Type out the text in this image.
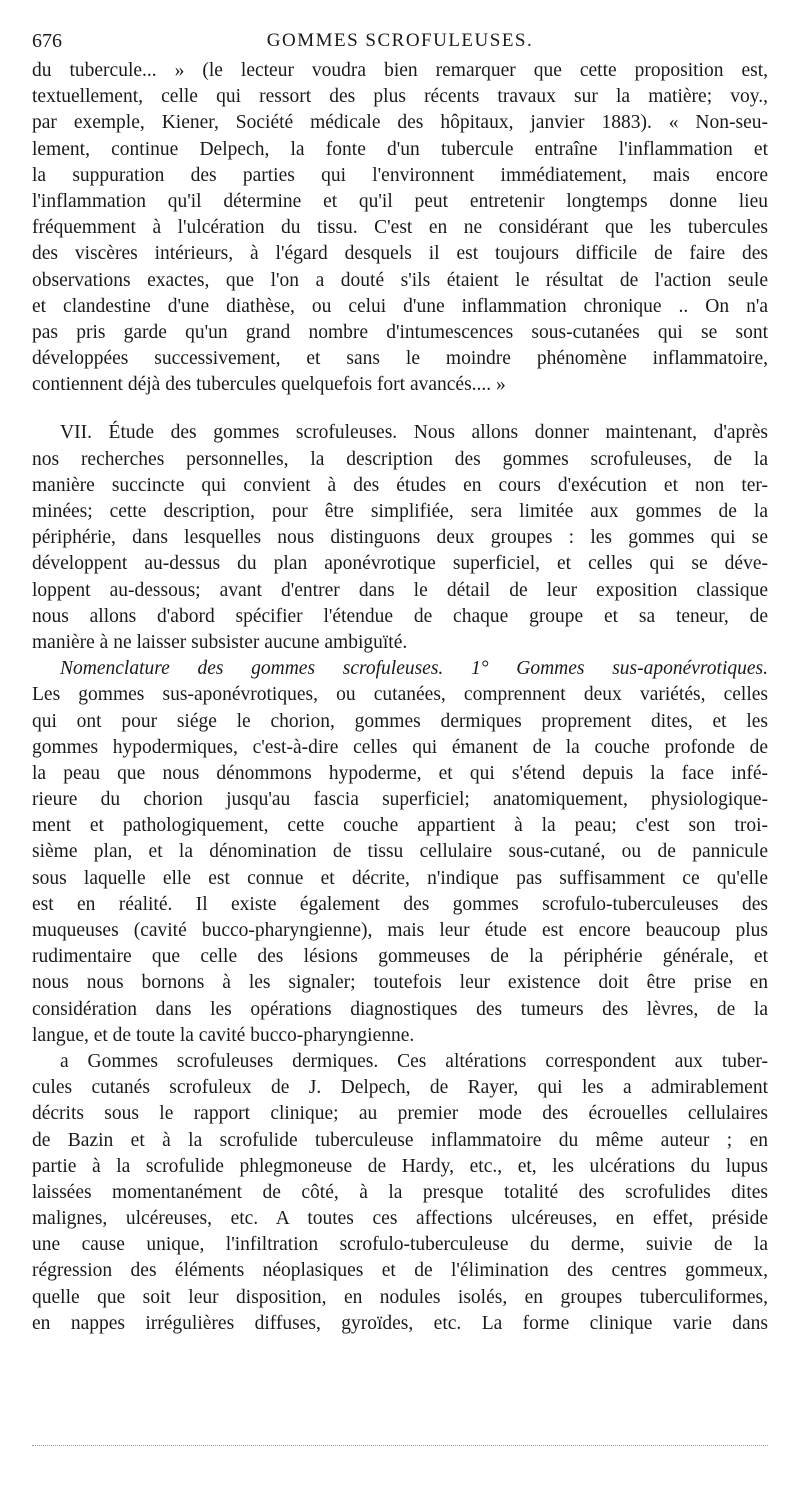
676	GOMMES SCROFULEUSES.
du tubercule... » (le lecteur voudra bien remarquer que cette proposition est,
textuellement, celle qui ressort des plus récents travaux sur la matière; voy.,
par exemple, Kiener, Société médicale des hôpitaux, janvier 1883). « Non-seu-
lement, continue Delpech, la fonte d'un tubercule entraîne l'inflammation et
la suppuration des parties qui l'environnent immédiatement, mais encore
l'inflammation qu'il détermine et qu'il peut entretenir longtemps donne lieu
fréquemment à l'ulcération du tissu. C'est en ne considérant que les tubercules
des viscères intérieurs, à l'égard desquels il est toujours difficile de faire des
observations exactes, que l'on a douté s'ils étaient le résultat de l'action seule
et clandestine d'une diathèse, ou celui d'une inflammation chronique .. On n'a
pas pris garde qu'un grand nombre d'intumescences sous-cutanées qui se sont
développées successivement, et sans le moindre phénomène inflammatoire,
contiennent déjà des tubercules quelquefois fort avancés.... »
VII. Étude des gommes scrofuleuses. Nous allons donner maintenant, d'après
nos recherches personnelles, la description des gommes scrofuleuses, de la
manière succincte qui convient à des études en cours d'exécution et non ter-
minées; cette description, pour être simplifiée, sera limitée aux gommes de la
périphérie, dans lesquelles nous distinguons deux groupes : les gommes qui se
développent au-dessus du plan aponévrotique superficiel, et celles qui se déve-
loppent au-dessous; avant d'entrer dans le détail de leur exposition classique
nous allons d'abord spécifier l'étendue de chaque groupe et sa teneur, de
manière à ne laisser subsister aucune ambiguïté.
Nomenclature des gommes scrofuleuses. 1° Gommes sus-aponévrotiques.
Les gommes sus-aponévrotiques, ou cutanées, comprennent deux variétés, celles
qui ont pour siége le chorion, gommes dermiques proprement dites, et les
gommes hypodermiques, c'est-à-dire celles qui émanent de la couche profonde de
la peau que nous dénommons hypoderme, et qui s'étend depuis la face infé-
rieure du chorion jusqu'au fascia superficiel; anatomiquement, physiologique-
ment et pathologiquement, cette couche appartient à la peau; c'est son troi-
sième plan, et la dénomination de tissu cellulaire sous-cutané, ou de pannicule
sous laquelle elle est connue et décrite, n'indique pas suffisamment ce qu'elle
est en réalité. Il existe également des gommes scrofulo-tuberculeuses des
muqueuses (cavité bucco-pharyngienne), mais leur étude est encore beaucoup plus
rudimentaire que celle des lésions gommeuses de la périphérie générale, et
nous nous bornons à les signaler; toutefois leur existence doit être prise en
considération dans les opérations diagnostiques des tumeurs des lèvres, de la
langue, et de toute la cavité bucco-pharyngienne.
a Gommes scrofuleuses dermiques. Ces altérations correspondent aux tuber-
cules cutanés scrofuleux de J. Delpech, de Rayer, qui les a admirablement
décrits sous le rapport clinique; au premier mode des écrouelles cellulaires
de Bazin et à la scrofulide tuberculeuse inflammatoire du même auteur ; en
partie à la scrofulide phlegmoneuse de Hardy, etc., et, les ulcérations du lupus
laissées momentanément de côté, à la presque totalité des scrofulides dites
malignes, ulcéreuses, etc. A toutes ces affections ulcéreuses, en effet, préside
une cause unique, l'infiltration scrofulo-tuberculeuse du derme, suivie de la
régression des éléments néoplasiques et de l'élimination des centres gommeux,
quelle que soit leur disposition, en nodules isolés, en groupes tuberculiformes,
en nappes irrégulières diffuses, gyroïdes, etc. La forme clinique varie dans
